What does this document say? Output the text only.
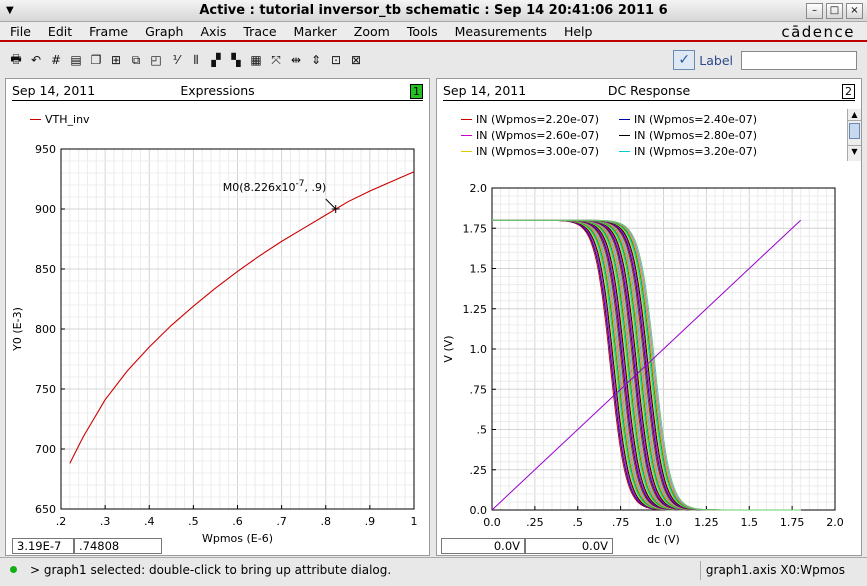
▼	Active : tutorial inversor_tb schematic : Sep 14 20:41:06 2011 6	–	□	×
File	Edit	Frame	Graph	Axis	Trace	Marker	Zoom	Tools	Measurements	Help	cādence
🖶 ↶ # ▤ ❐ ⊞ ⧉ ◰ ⅟	⦀	▞ ▚ ▦ ⤧ ⇹ ⇕ ⊡ ⊠	✓ Label
Sep 14, 2011	Expressions	1
VTH_inv
.2	.3	.4	.5	.6	.7	.8	.9	1
650
700
750
800
850
900
950
Wpmos (E-6)
Y0 (E-3)
$M0(8.226x10^{-7}$, .9)
3.19E-7	.74808
Sep 14, 2011	DC Response	2
IN (Wpmos=2.20e-07)	IN (Wpmos=2.40e-07)
IN (Wpmos=2.60e-07)	IN (Wpmos=2.80e-07)
IN (Wpmos=3.00e-07)	IN (Wpmos=3.20e-07)
▲
▼
0.0 .25	.5	.75 1.0 1.25 1.5 1.75 2.0
0.0
.25
.5
.75
1.0
1.25
1.5
1.75
2.0
dc (V)
V (V)
0.0V	0.0V
> graph1 selected: double-click to bring up attribute dialog.	graph1.axis X0:Wpmos
